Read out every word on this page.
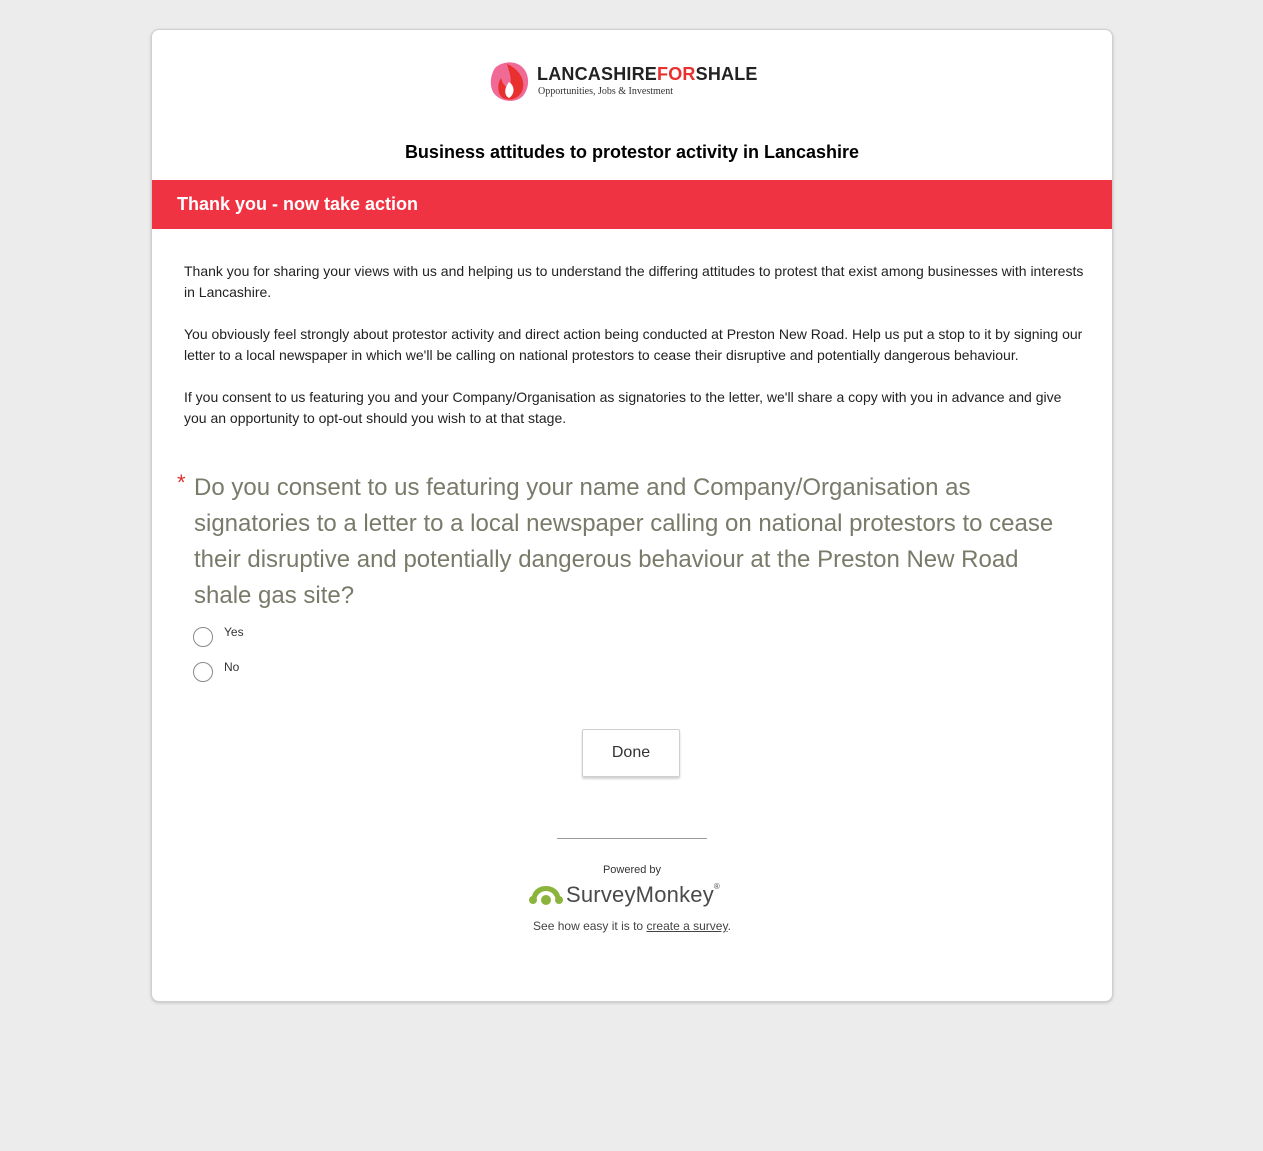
LANCASHIREFORSHALE
Opportunities, Jobs & Investment
Business attitudes to protestor activity in Lancashire
Thank you - now take action

Thank you for sharing your views with us and helping us to understand the differing attitudes to protest that exist among businesses with interests in Lancashire.

You obviously feel strongly about protestor activity and direct action being conducted at Preston New Road. Help us put a stop to it by signing our letter to a local newspaper in which we'll be calling on national protestors to cease their disruptive and potentially dangerous behaviour.

If you consent to us featuring you and your Company/Organisation as signatories to the letter, we'll share a copy with you in advance and give you an opportunity to opt-out should you wish to at that stage.

* Do you consent to us featuring your name and Company/Organisation as signatories to a letter to a local newspaper calling on national protestors to cease their disruptive and potentially dangerous behaviour at the Preston New Road shale gas site?
Yes
No
Done
Powered by
SurveyMonkey®
See how easy it is to create a survey.
